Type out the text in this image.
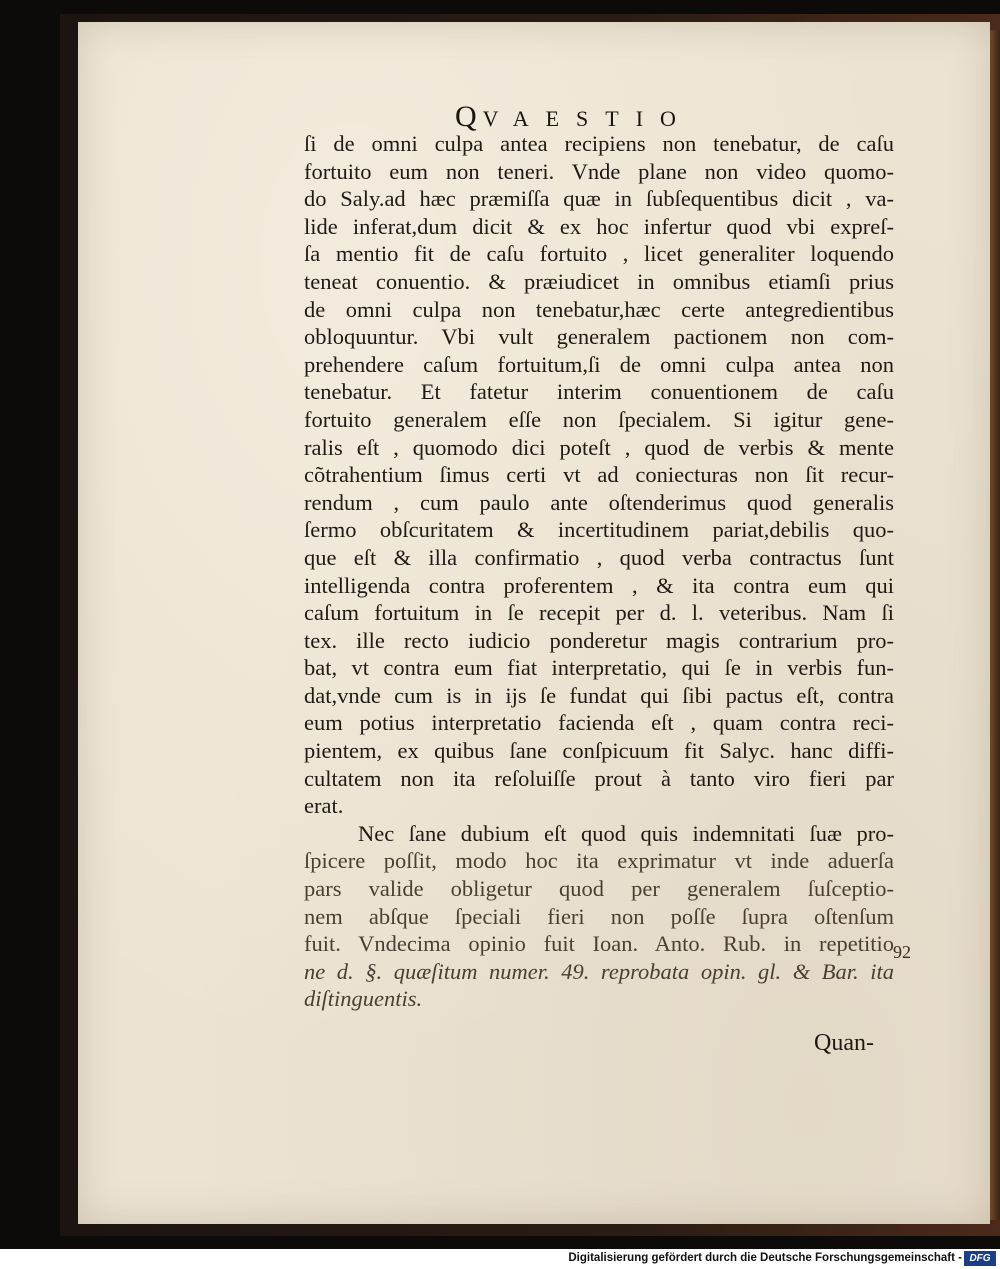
QVAESTIO
ſi de omni culpa antea recipiens non tenebatur, de caſu
fortuito eum non teneri. Vnde plane non video quomo-
do Saly.ad hæc præmiſſa quæ in ſubſequentibus dicit , va-
lide inferat,dum dicit & ex hoc infertur quod vbi expreſ-
ſa mentio fit de caſu fortuito , licet generaliter loquendo
teneat conuentio. & præiudicet in omnibus etiamſi prius
de omni culpa non tenebatur,hæc certe antegredientibus
obloquuntur. Vbi vult generalem pactionem non com-
prehendere caſum fortuitum,ſi de omni culpa antea non
tenebatur. Et fatetur interim conuentionem de caſu
fortuito generalem eſſe non ſpecialem. Si igitur gene-
ralis eſt , quomodo dici poteſt , quod de verbis & mente
cõtrahentium ſimus certi vt ad coniecturas non ſit recur-
rendum , cum paulo ante oſtenderimus quod generalis
ſermo obſcuritatem & incertitudinem pariat,debilis quo-
que eſt & illa confirmatio , quod verba contractus ſunt
intelligenda contra proferentem , & ita contra eum qui
caſum fortuitum in ſe recepit per d. l. veteribus. Nam ſi
tex. ille recto iudicio ponderetur magis contrarium pro-
bat, vt contra eum fiat interpretatio, qui ſe in verbis fun-
dat,vnde cum is in ijs ſe fundat qui ſibi pactus eſt, contra
eum potius interpretatio facienda eſt , quam contra reci-
pientem, ex quibus ſane conſpicuum fit Salyc. hanc diffi-
cultatem non ita reſoluiſſe prout à tanto viro fieri par
erat.
Nec ſane dubium eſt quod quis indemnitati ſuæ pro-
ſpicere poſſit, modo hoc ita exprimatur vt inde aduerſa
pars valide obligetur quod per generalem ſuſceptio-
nem abſque ſpeciali fieri non poſſe ſupra oſtenſum
fuit. Vndecima opinio fuit Ioan. Anto. Rub. in repetitio
ne d. §. quæſitum numer. 49. reprobata opin. gl. & Bar. ita
diſtinguentis.
92
Quan-
Digitalisierung gefördert durch die Deutsche Forschungsgemeinschaft - DFG
